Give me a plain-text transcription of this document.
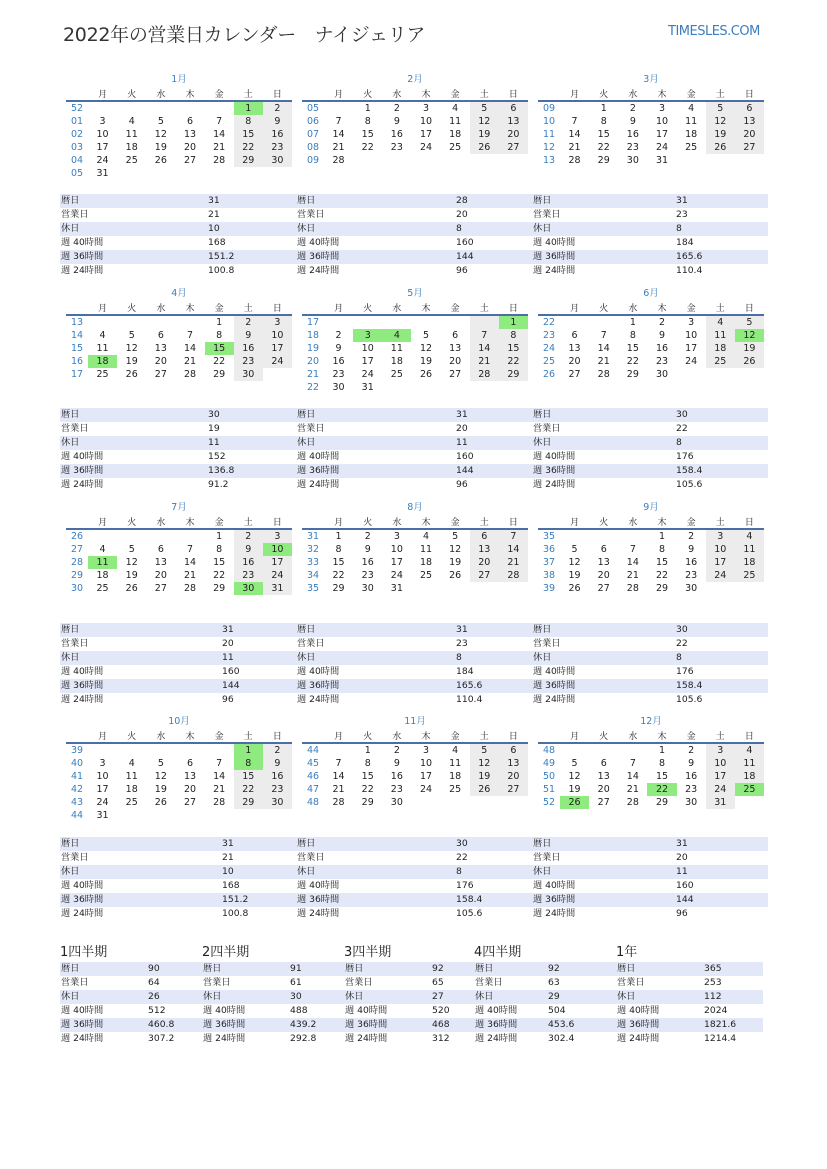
2022年の営業日カレンダー　ナイジェリア	TIMESLES.COM
1月
	月	火	水	木	金	土	日
52						1	2
01	3	4	5	6	7	8	9
02	10	11	12	13	14	15	16
03	17	18	19	20	21	22	23
04	24	25	26	27	28	29	30
05	31						
暦日	31
営業日	21
休日	10
週 40時間	168
週 36時間	151.2
週 24時間	100.8
2月
	月	火	水	木	金	土	日
05		1	2	3	4	5	6
06	7	8	9	10	11	12	13
07	14	15	16	17	18	19	20
08	21	22	23	24	25	26	27
09	28						
暦日	28
営業日	20
休日	8
週 40時間	160
週 36時間	144
週 24時間	96
3月
	月	火	水	木	金	土	日
09		1	2	3	4	5	6
10	7	8	9	10	11	12	13
11	14	15	16	17	18	19	20
12	21	22	23	24	25	26	27
13	28	29	30	31			
暦日	31
営業日	23
休日	8
週 40時間	184
週 36時間	165.6
週 24時間	110.4
4月
	月	火	水	木	金	土	日
13					1	2	3
14	4	5	6	7	8	9	10
15	11	12	13	14	15	16	17
16	18	19	20	21	22	23	24
17	25	26	27	28	29	30	
暦日	30
営業日	19
休日	11
週 40時間	152
週 36時間	136.8
週 24時間	91.2
5月
	月	火	水	木	金	土	日
17							1
18	2	3	4	5	6	7	8
19	9	10	11	12	13	14	15
20	16	17	18	19	20	21	22
21	23	24	25	26	27	28	29
22	30	31					
暦日	31
営業日	20
休日	11
週 40時間	160
週 36時間	144
週 24時間	96
6月
	月	火	水	木	金	土	日
22			1	2	3	4	5
23	6	7	8	9	10	11	12
24	13	14	15	16	17	18	19
25	20	21	22	23	24	25	26
26	27	28	29	30			
暦日	30
営業日	22
休日	8
週 40時間	176
週 36時間	158.4
週 24時間	105.6
7月
	月	火	水	木	金	土	日
26					1	2	3
27	4	5	6	7	8	9	10
28	11	12	13	14	15	16	17
29	18	19	20	21	22	23	24
30	25	26	27	28	29	30	31
暦日	31
営業日	20
休日	11
週 40時間	160
週 36時間	144
週 24時間	96
8月
	月	火	水	木	金	土	日
31	1	2	3	4	5	6	7
32	8	9	10	11	12	13	14
33	15	16	17	18	19	20	21
34	22	23	24	25	26	27	28
35	29	30	31				
暦日	31
営業日	23
休日	8
週 40時間	184
週 36時間	165.6
週 24時間	110.4
9月
	月	火	水	木	金	土	日
35				1	2	3	4
36	5	6	7	8	9	10	11
37	12	13	14	15	16	17	18
38	19	20	21	22	23	24	25
39	26	27	28	29	30		
暦日	30
営業日	22
休日	8
週 40時間	176
週 36時間	158.4
週 24時間	105.6
10月
	月	火	水	木	金	土	日
39						1	2
40	3	4	5	6	7	8	9
41	10	11	12	13	14	15	16
42	17	18	19	20	21	22	23
43	24	25	26	27	28	29	30
44	31						
暦日	31
営業日	21
休日	10
週 40時間	168
週 36時間	151.2
週 24時間	100.8
11月
	月	火	水	木	金	土	日
44		1	2	3	4	5	6
45	7	8	9	10	11	12	13
46	14	15	16	17	18	19	20
47	21	22	23	24	25	26	27
48	28	29	30				
暦日	30
営業日	22
休日	8
週 40時間	176
週 36時間	158.4
週 24時間	105.6
12月
	月	火	水	木	金	土	日
48				1	2	3	4
49	5	6	7	8	9	10	11
50	12	13	14	15	16	17	18
51	19	20	21	22	23	24	25
52	26	27	28	29	30	31	
暦日	31
営業日	20
休日	11
週 40時間	160
週 36時間	144
週 24時間	96
1四半期
暦日	90
営業日	64
休日	26
週 40時間	512
週 36時間	460.8
週 24時間	307.2
2四半期
暦日	91
営業日	61
休日	30
週 40時間	488
週 36時間	439.2
週 24時間	292.8
3四半期
暦日	92
営業日	65
休日	27
週 40時間	520
週 36時間	468
週 24時間	312
4四半期
暦日	92
営業日	63
休日	29
週 40時間	504
週 36時間	453.6
週 24時間	302.4
1年
暦日	365
営業日	253
休日	112
週 40時間	2024
週 36時間	1821.6
週 24時間	1214.4
